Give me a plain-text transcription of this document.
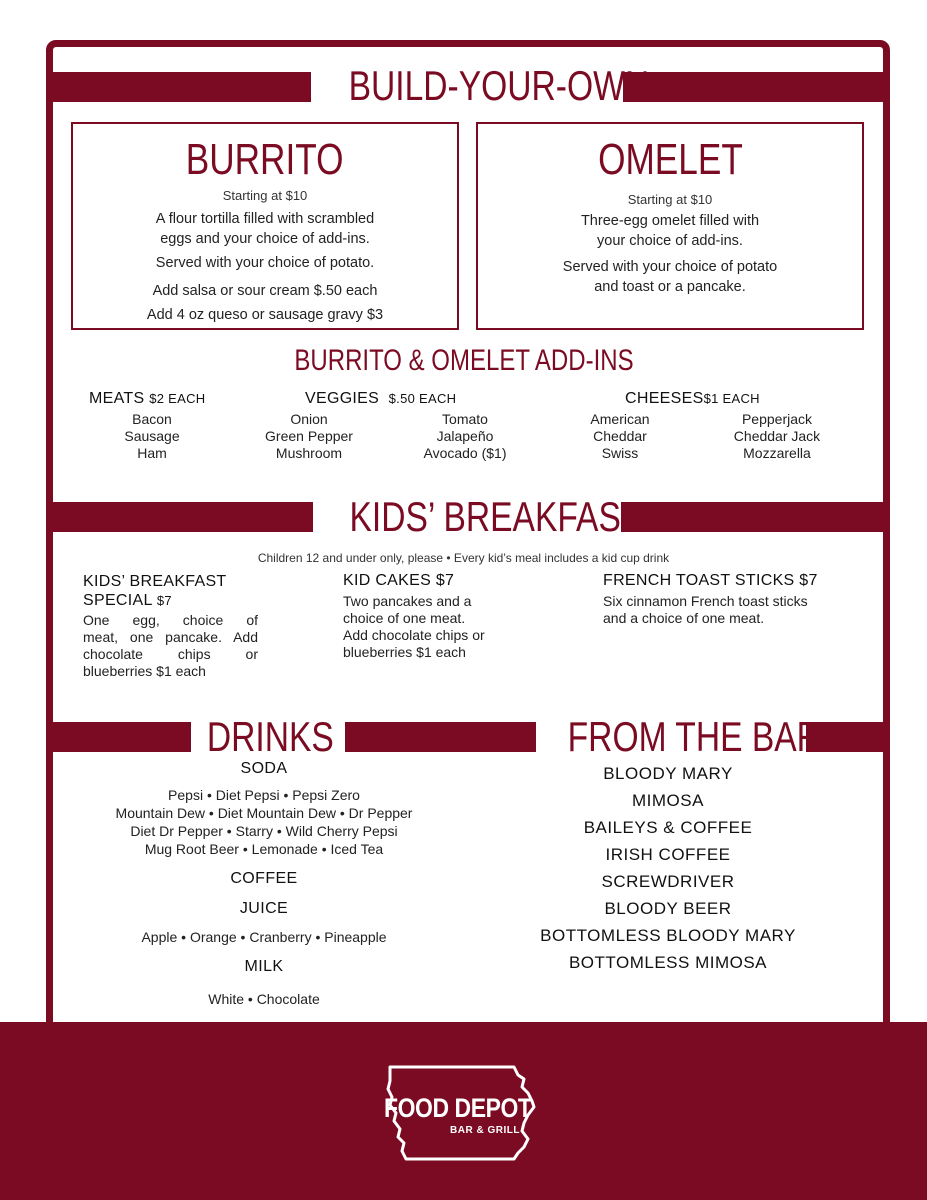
BUILD-YOUR-OWN
BURRITO
Starting at $10
A flour tortilla filled with scrambled
eggs and your choice of add-ins.
Served with your choice of potato.
Add salsa or sour cream $.50 each
Add 4 oz queso or sausage gravy $3
OMELET
Starting at $10
Three-egg omelet filled with
your choice of add-ins.
Served with your choice of potato
and toast or a pancake.
BURRITO & OMELET ADD-INS
MEATS $2 EACH
Bacon
Sausage
Ham
VEGGIES $.50 EACH
Onion
Green Pepper
Mushroom
Tomato
Jalapeño
Avocado ($1)
CHEESES$1 EACH
American
Cheddar
Swiss
Pepperjack
Cheddar Jack
Mozzarella
KIDS’ BREAKFAST
Children 12 and under only, please • Every kid’s meal includes a kid cup drink
KIDS’ BREAKFAST
SPECIAL $7
One egg, choice of
meat, one pancake. Add
chocolate chips or
blueberries $1 each
KID CAKES $7
Two pancakes and a
choice of one meat.
Add chocolate chips or
blueberries $1 each
FRENCH TOAST STICKS $7
Six cinnamon French toast sticks
and a choice of one meat.
DRINKS	FROM THE BAR
SODA
Pepsi • Diet Pepsi • Pepsi Zero
Mountain Dew • Diet Mountain Dew • Dr Pepper
Diet Dr Pepper • Starry • Wild Cherry Pepsi
Mug Root Beer • Lemonade • Iced Tea
COFFEE
JUICE
Apple • Orange • Cranberry • Pineapple
MILK
White • Chocolate
BLOODY MARY
MIMOSA
BAILEYS & COFFEE
IRISH COFFEE
SCREWDRIVER
BLOODY BEER
BOTTOMLESS BLOODY MARY
BOTTOMLESS MIMOSA
FOOD DEPOT
BAR & GRILL
